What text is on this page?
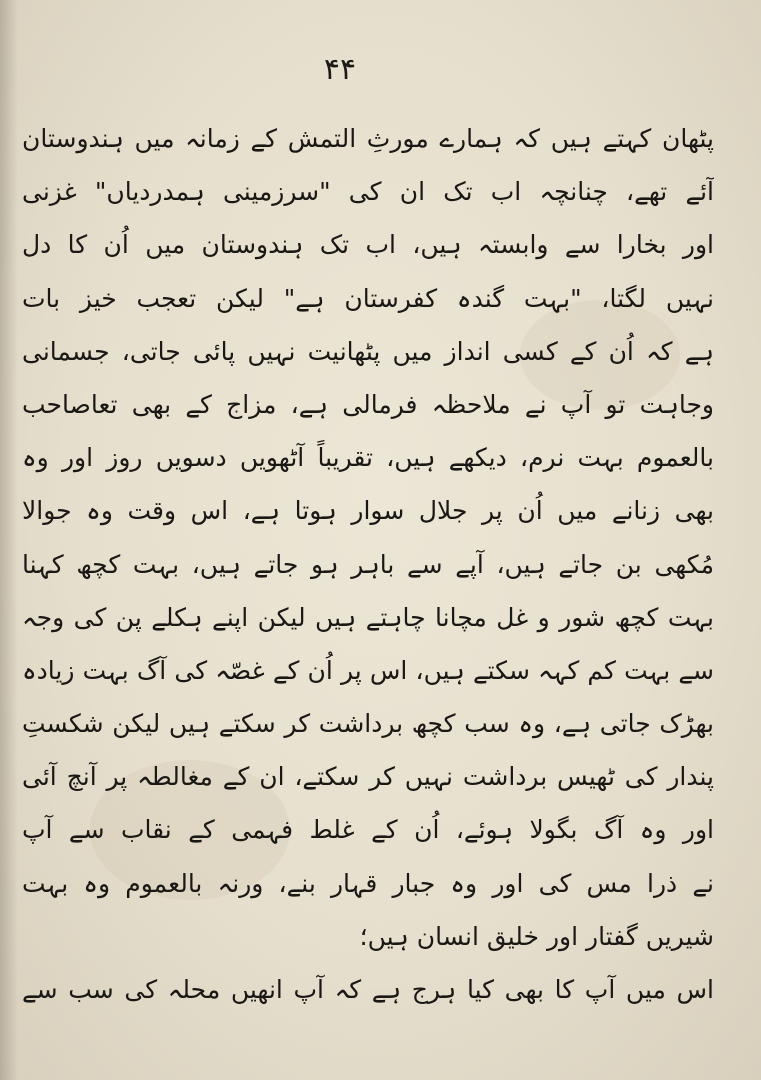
۴۴
پٹھان کہتے ہیں کہ ہمارے مورثِ التمش کے زمانہ میں ہندوستان
آئے تھے، چنانچہ اب تک ان کی "سرزمینی ہمدردیاں" غزنی
اور بخارا سے وابستہ ہیں، اب تک ہندوستان میں اُن کا دل
نہیں لگتا، "بہت گندہ کفرستان ہے" لیکن تعجب خیز بات
ہے کہ اُن کے کسی انداز میں پٹھانیت نہیں پائی جاتی، جسمانی
وجاہت تو آپ نے ملاحظہ فرمالی ہے، مزاج کے بھی تعاصاحب
بالعموم بہت نرم، دیکھے ہیں، تقریباً آٹھویں دسویں روز اور وہ
بھی زنانے میں اُن پر جلال سوار ہوتا ہے، اس وقت وہ جوالا
مُکھی بن جاتے ہیں، آپے سے باہر ہو جاتے ہیں، بہت کچھ کہنا
بہت کچھ شور و غل مچانا چاہتے ہیں لیکن اپنے ہکلے پن کی وجہ
سے بہت کم کہہ سکتے ہیں، اس پر اُن کے غصّہ کی آگ بہت زیادہ
بھڑک جاتی ہے، وہ سب کچھ برداشت کر سکتے ہیں لیکن شکستِ
پندار کی ٹھیس برداشت نہیں کر سکتے، ان کے مغالطہ پر آنچ آئی
اور وہ آگ بگولا ہوئے، اُن کے غلط فہمی کے نقاب سے آپ
نے ذرا مس کی اور وہ جبار قہار بنے، ورنہ بالعموم وہ بہت
شیریں گفتار اور خلیق انسان ہیں؛
اس میں آپ کا بھی کیا ہرج ہے کہ آپ انھیں محلہ کی سب سے
